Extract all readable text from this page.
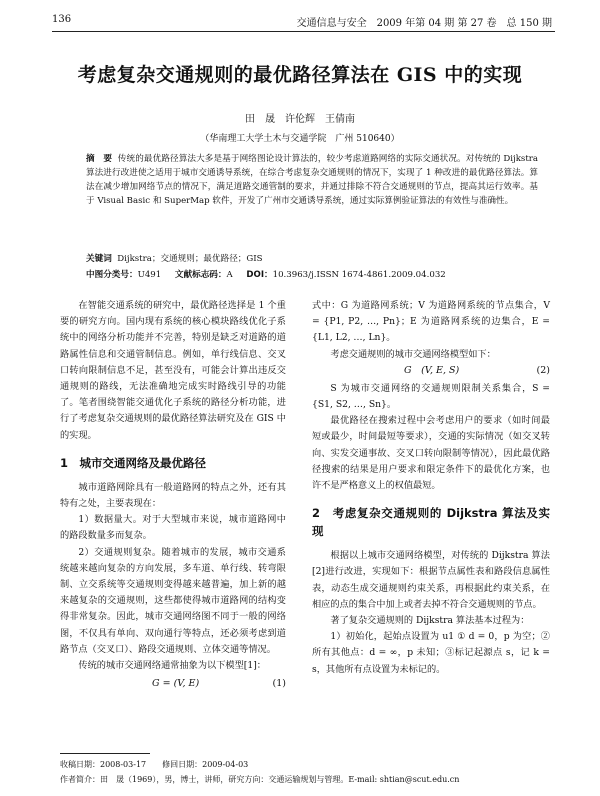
136	交通信息与安全　2009 年第 04 期 第 27 卷　总 150 期
考虑复杂交通规则的最优路径算法在 GIS 中的实现
田　晟　许伦辉　王倩南
（华南理工大学土木与交通学院　广州 510640）
摘　要 传统的最优路径算法大多是基于网络图论设计算法的，较少考虑道路网络的实际交通状况。对传统的 Dijkstra 算法进行改进使之适用于城市交通诱导系统，在综合考虑复杂交通规则的情况下，实现了 1 种改进的最优路径算法。算法在减少增加网络节点的情况下，满足道路交通管制的要求，并通过排除不符合交通规则的节点，提高其运行效率。基于 Visual Basic 和 SuperMap 软件，开发了广州市交通诱导系统，通过实际算例验证算法的有效性与准确性。
关键词 Dijkstra；交通规则；最优路径；GIS
中图分类号：U491 文献标志码：A DOI：10.3963/j.ISSN 1674-4861.2009.04.032

在智能交通系统的研究中，最优路径选择是 1 个重要的研究方向。国内现有系统的核心模块路线优化子系统中的网络分析功能并不完善，特别是缺乏对道路的道路属性信息和交通管制信息。例如，单行线信息、交叉口转向限制信息不足，甚至没有，可能会计算出违反交通规则的路线，无法准确地完成实时路线引导的功能了。笔者围绕智能交通优化子系统的路径分析功能，进行了考虑复杂交通规则的最优路径算法研究及在 GIS 中的实现。

1　城市交通网络及最优路径

城市道路网除具有一般道路网的特点之外，还有其特有之处，主要表现在：

1）数据量大。对于大型城市来说，城市道路网中的路段数量多而复杂。

2）交通规则复杂。随着城市的发展，城市交通系统越来越向复杂的方向发展，多车道、单行线、转弯限制、立交系统等交通规则变得越来越普遍，加上新的越来越复杂的交通规则，这些都使得城市道路网的结构变得非常复杂。因此，城市交通网络图不同于一般的网络图，不仅具有单向、双向通行等特点，还必须考虑到道路节点（交叉口）、路段交通规则、立体交通等情况。

传统的城市交通网络通常抽象为以下模型[1]：

G = (V, E)	(1)

式中：G 为道路网系统；V 为道路网系统的节点集合，V = {P1, P2, …, Pn}；E 为道路网系统的边集合，E = {L1, L2, …, Ln}。

考虑交通规则的城市交通网络模型如下：

G　(V, E, S)	(2)

S 为城市交通网络的交通规则限制关系集合，S = {S1, S2, …, Sn}。

最优路径在搜索过程中会考虑用户的要求（如时间最短或最少，时间最短等要求），交通的实际情况（如交叉转向、实发交通事故、交叉口转向限制等情况），因此最优路径搜索的结果是用户要求和限定条件下的最优化方案，也许不是严格意义上的权值最短。

2　考虑复杂交通规则的 Dijkstra 算法及实现

根据以上城市交通网络模型，对传统的 Dijkstra 算法[2]进行改进，实现如下：根据节点属性表和路段信息属性表，动态生成交通规则约束关系，再根据此约束关系，在相应的点的集合中加上或者去掉不符合交通规则的节点。

著了复杂交通规则的 Dijkstra 算法基本过程为：

1）初始化，起始点设置为 u1 ① d = 0，p 为空；②所有其他点：d = ∞，p 未知；③标记起源点 s，记 k = s，其他所有点设置为未标记的。

收稿日期：2008-03-17　　修回日期：2009-04-03
作者简介：田　晟（1969），男，博士，讲师，研究方向：交通运输规划与管理。E-mail: shtian@scut.edu.cn
